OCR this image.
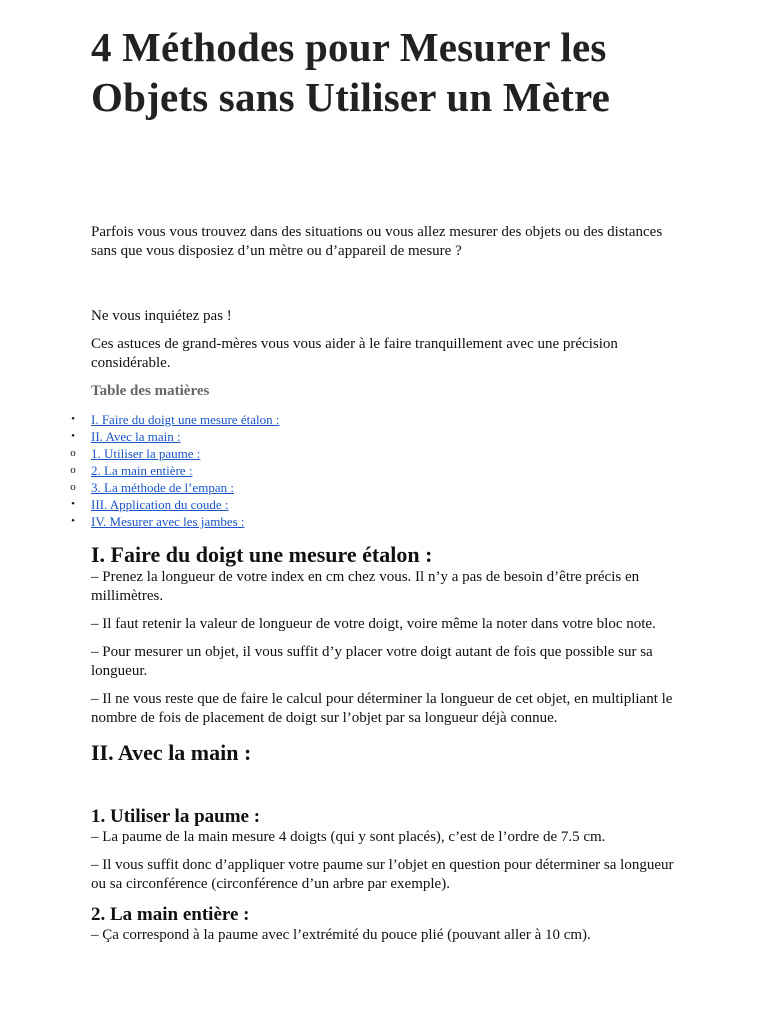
4 Méthodes pour Mesurer les Objets sans Utiliser un Mètre

Parfois vous vous trouvez dans des situations ou vous allez mesurer des objets ou des distances sans que vous disposiez d’un mètre ou d’appareil de mesure ?

Ne vous inquiétez pas !

Ces astuces de grand-mères vous vous aider à le faire tranquillement avec une précision considérable.

Table des matières
• I. Faire du doigt une mesure étalon :
• II. Avec la main :
o 1. Utiliser la paume :
o 2. La main entière :
o 3. La méthode de l’empan :
• III. Application du coude :
• IV. Mesurer avec les jambes :
I. Faire du doigt une mesure étalon :

– Prenez la longueur de votre index en cm chez vous. Il n’y a pas de besoin d’être précis en millimètres.

– Il faut retenir la valeur de longueur de votre doigt, voire même la noter dans votre bloc note.

– Pour mesurer un objet, il vous suffit d’y placer votre doigt autant de fois que possible sur sa longueur.

– Il ne vous reste que de faire le calcul pour déterminer la longueur de cet objet, en multipliant le nombre de fois de placement de doigt sur l’objet par sa longueur déjà connue.

II. Avec la main :
1. Utiliser la paume :

– La paume de la main mesure 4 doigts (qui y sont placés), c’est de l’ordre de 7.5 cm.

– Il vous suffit donc d’appliquer votre paume sur l’objet en question pour déterminer sa longueur ou sa circonférence (circonférence d’un arbre par exemple).

2. La main entière :

– Ça correspond à la paume avec l’extrémité du pouce plié (pouvant aller à 10 cm).
